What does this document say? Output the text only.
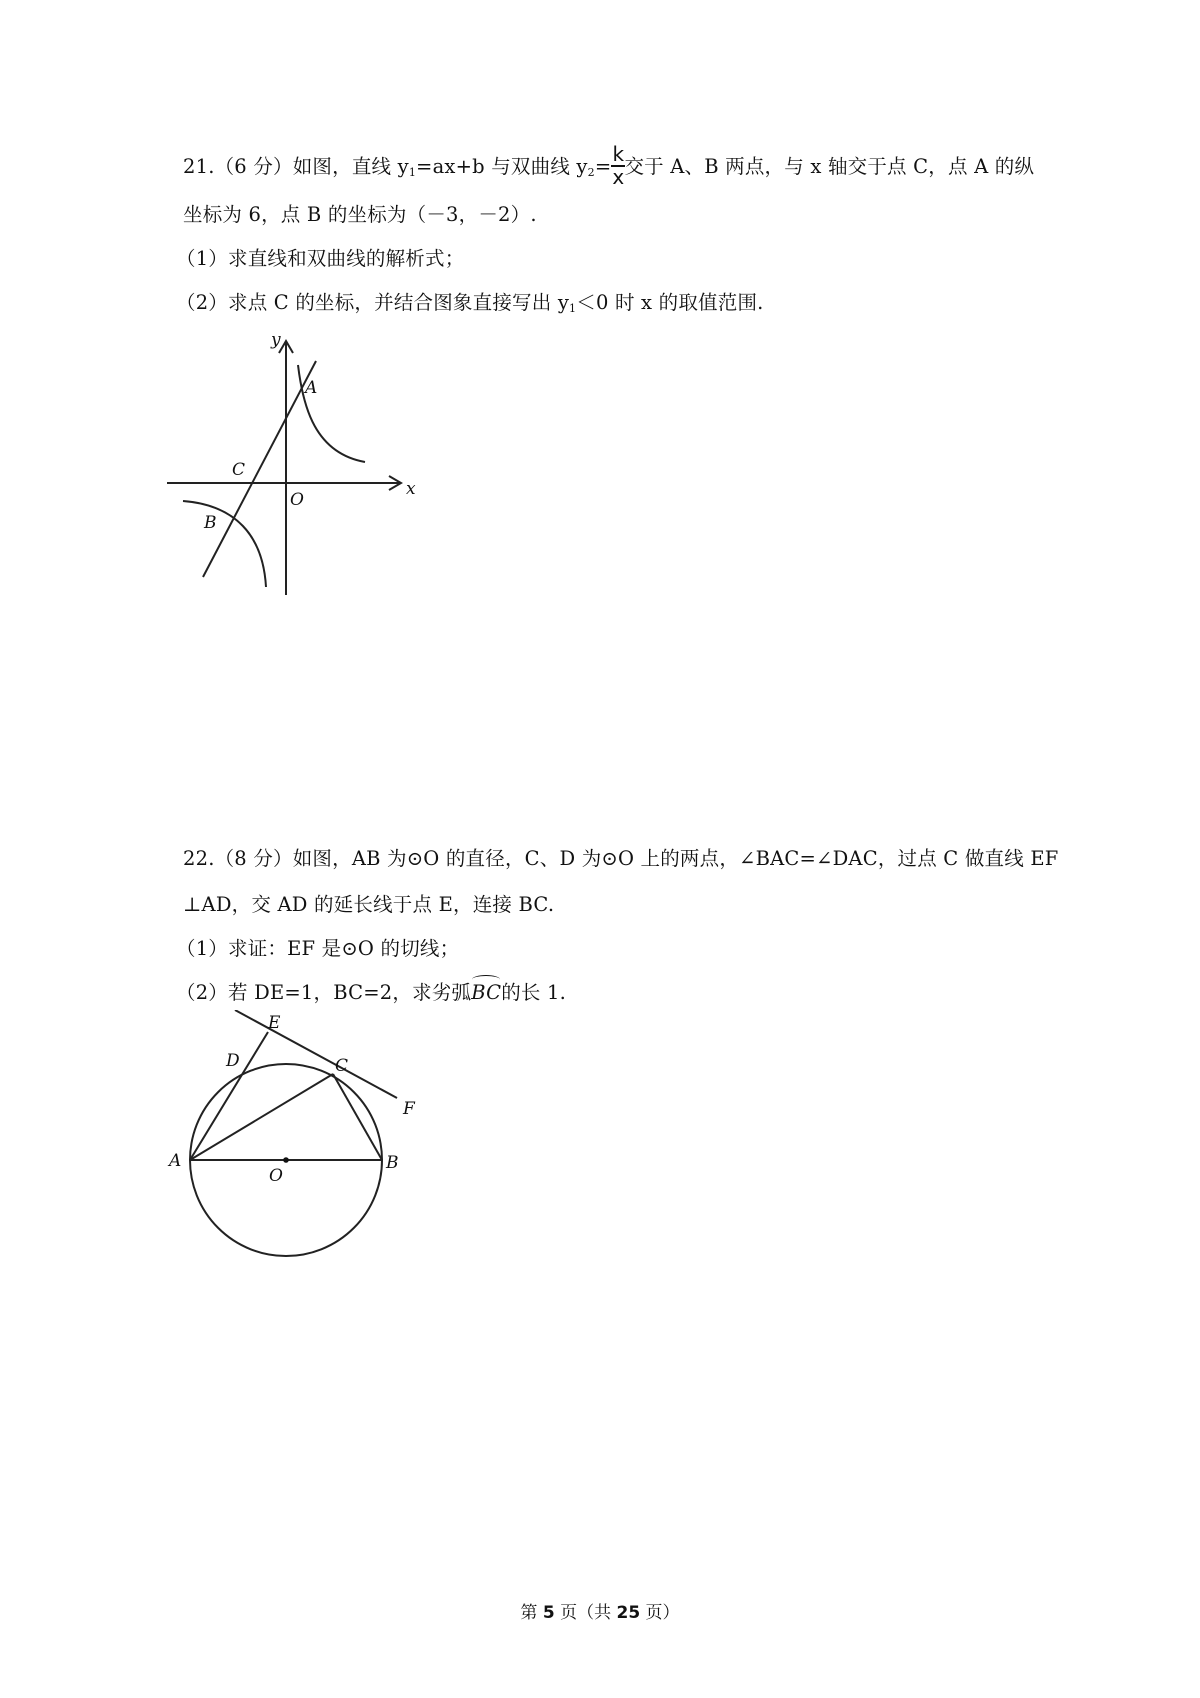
21.（6 分）如图，直线 $y_1=ax+b$ 与双曲线 $y_2= \frac{k}{x}$ 交于 A、B 两点，与 x 轴交于点 C，点 A 的纵
坐标为 6，点 B 的坐标为（－3，－2）.
（1）求直线和双曲线的解析式；
（2）求点 C 的坐标，并结合图象直接写出 $y_1<0$ 时 x 的取值范围.
y
x
A
C
O
B
22.（8 分）如图，AB 为⊙O 的直径，C、D 为⊙O 上的两点，∠BAC=∠DAC，过点 C 做直线 EF
⊥AD，交 AD 的延长线于点 E，连接 BC.
（1）求证：EF 是⊙O 的切线；
（2）若 DE=1，BC=2，求劣弧
BC的长 1.
E
D	C
F
A	B
O
第 5 页（共 25 页）
